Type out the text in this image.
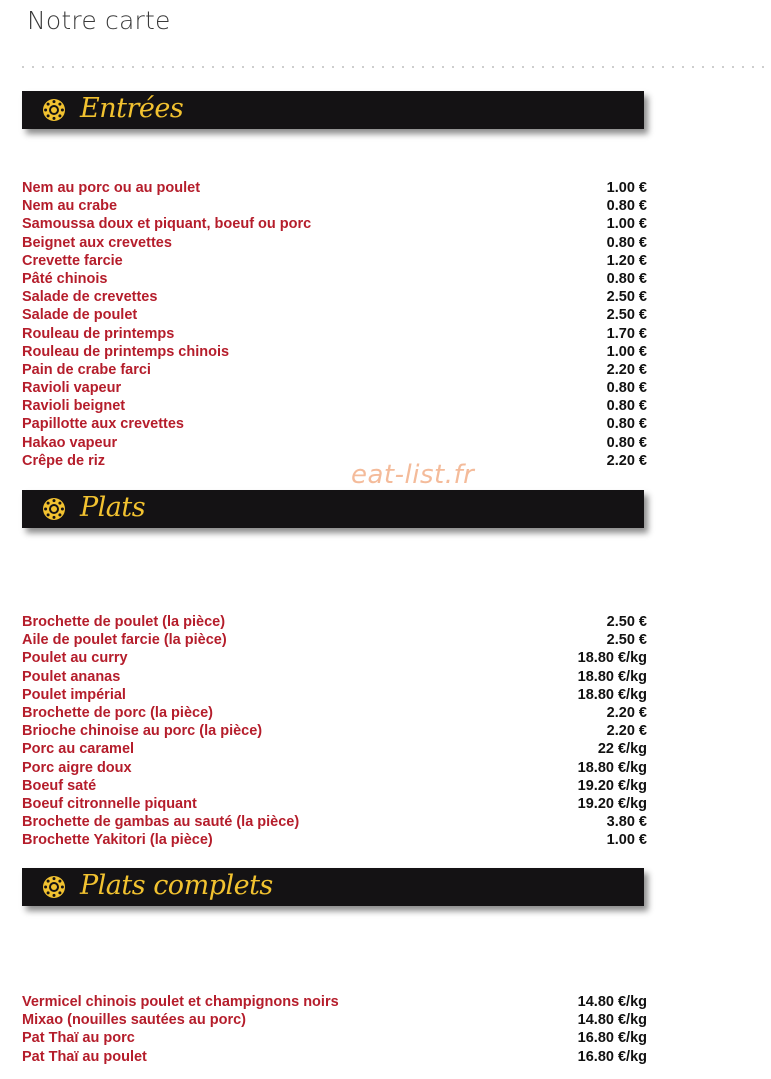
Notre carte
Entrées
Nem au porc ou au poulet	1.00 €
Nem au crabe	0.80 €
Samoussa doux et piquant, boeuf ou porc	1.00 €
Beignet aux crevettes	0.80 €
Crevette farcie	1.20 €
Pâté chinois	0.80 €
Salade de crevettes	2.50 €
Salade de poulet	2.50 €
Rouleau de printemps	1.70 €
Rouleau de printemps chinois	1.00 €
Pain de crabe farci	2.20 €
Ravioli vapeur	0.80 €
Ravioli beignet	0.80 €
Papillotte aux crevettes	0.80 €
Hakao vapeur	0.80 €
Crêpe de riz	2.20 €
Plats
Brochette de poulet (la pièce)	2.50 €
Aile de poulet farcie (la pièce)	2.50 €
Poulet au curry	18.80 €/kg
Poulet ananas	18.80 €/kg
Poulet impérial	18.80 €/kg
Brochette de porc (la pièce)	2.20 €
Brioche chinoise au porc (la pièce)	2.20 €
Porc au caramel	22 €/kg
Porc aigre doux	18.80 €/kg
Boeuf saté	19.20 €/kg
Boeuf citronnelle piquant	19.20 €/kg
Brochette de gambas au sauté (la pièce)	3.80 €
Brochette Yakitori (la pièce)	1.00 €
Plats complets
Vermicel chinois poulet et champignons noirs	14.80 €/kg
Mixao (nouilles sautées au porc)	14.80 €/kg
Pat Thaï au porc	16.80 €/kg
Pat Thaï au poulet	16.80 €/kg
eat-list.fr
